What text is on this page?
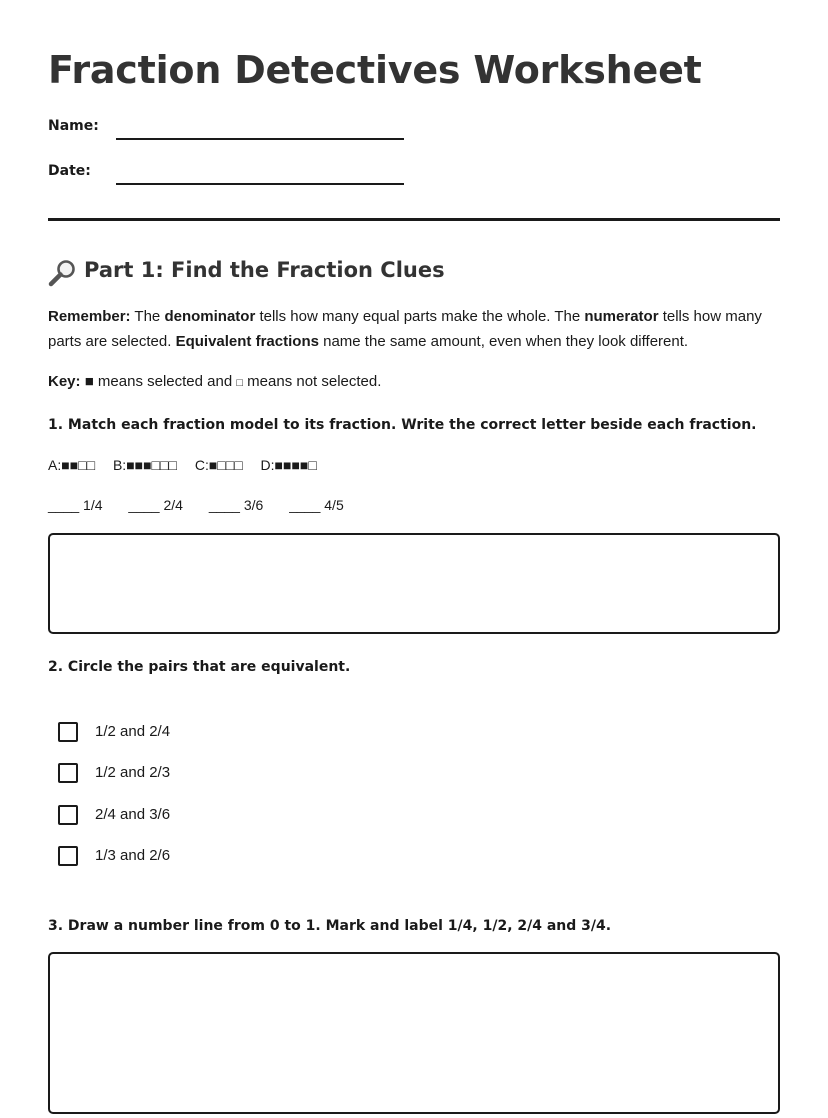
Fraction Detectives Worksheet
Name:
Date:
Part 1: Find the Fraction Clues

Remember: The denominator tells how many equal parts make the whole. The numerator tells how many parts are selected. Equivalent fractions name the same amount, even when they look different.

Key: ■ means selected and □ means not selected.

1. Match each fraction model to its fraction. Write the correct letter beside each fraction.
A:■■□□ B:■■■□□□ C:■□□□ D:■■■■□
____ 1/4 ____ 2/4 ____ 3/6 ____ 4/5
2. Circle the pairs that are equivalent.
1/2 and 2/4
1/2 and 2/3
2/4 and 3/6
1/3 and 2/6
3. Draw a number line from 0 to 1. Mark and label 1/4, 1/2, 2/4 and 3/4.
